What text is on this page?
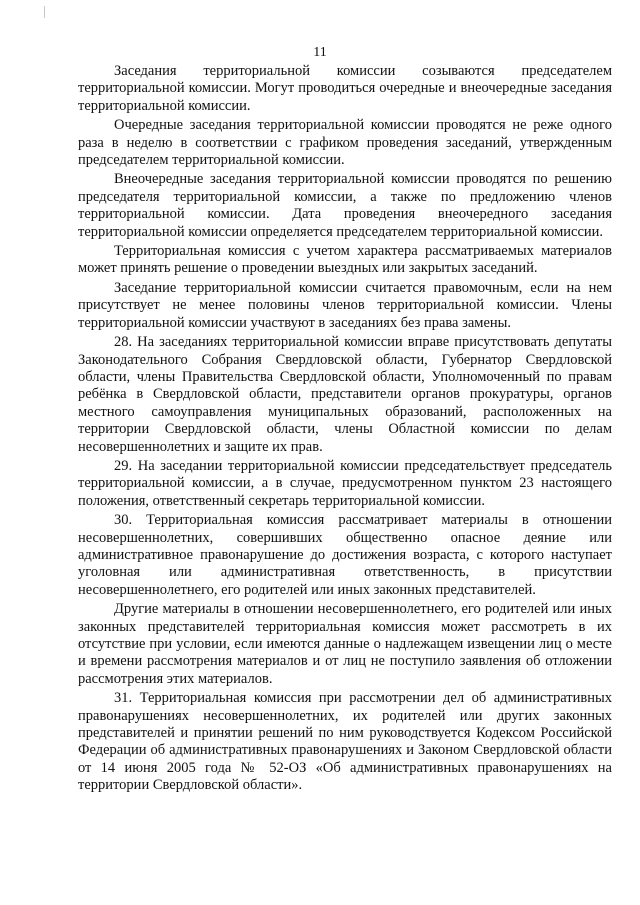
11

Заседания территориальной комиссии созываются председателем территориальной комиссии. Могут проводиться очередные и внеочередные заседания территориальной комиссии.

Очередные заседания территориальной комиссии проводятся не реже одного раза в неделю в соответствии с графиком проведения заседаний, утвержденным председателем территориальной комиссии.

Внеочередные заседания территориальной комиссии проводятся по решению председателя территориальной комиссии, а также по предложению членов территориальной комиссии. Дата проведения внеочередного заседания территориальной комиссии определяется председателем территориальной комиссии.

Территориальная комиссия с учетом характера рассматриваемых материалов может принять решение о проведении выездных или закрытых заседаний.

Заседание территориальной комиссии считается правомочным, если на нем присутствует не менее половины членов территориальной комиссии. Члены территориальной комиссии участвуют в заседаниях без права замены.

28. На заседаниях территориальной комиссии вправе присутствовать депутаты Законодательного Собрания Свердловской области, Губернатор Свердловской области, члены Правительства Свердловской области, Уполномоченный по правам ребёнка в Свердловской области, представители органов прокуратуры, органов местного самоуправления муниципальных образований, расположенных на территории Свердловской области, члены Областной комиссии по делам несовершеннолетних и защите их прав.

29. На заседании территориальной комиссии председательствует председатель территориальной комиссии, а в случае, предусмотренном пунктом 23 настоящего положения, ответственный секретарь территориальной комиссии.

30. Территориальная комиссия рассматривает материалы в отношении несовершеннолетних, совершивших общественно опасное деяние или административное правонарушение до достижения возраста, с которого наступает уголовная или административная ответственность, в присутствии несовершеннолетнего, его родителей или иных законных представителей.

Другие материалы в отношении несовершеннолетнего, его родителей или иных законных представителей территориальная комиссия может рассмотреть в их отсутствие при условии, если имеются данные о надлежащем извещении лиц о месте и времени рассмотрения материалов и от лиц не поступило заявления об отложении рассмотрения этих материалов.

31. Территориальная комиссия при рассмотрении дел об административных правонарушениях несовершеннолетних, их родителей или других законных представителей и принятии решений по ним руководствуется Кодексом Российской Федерации об административных правонарушениях и Законом Свердловской области от 14 июня 2005 года № 52-ОЗ «Об административных правонарушениях на территории Свердловской области».
